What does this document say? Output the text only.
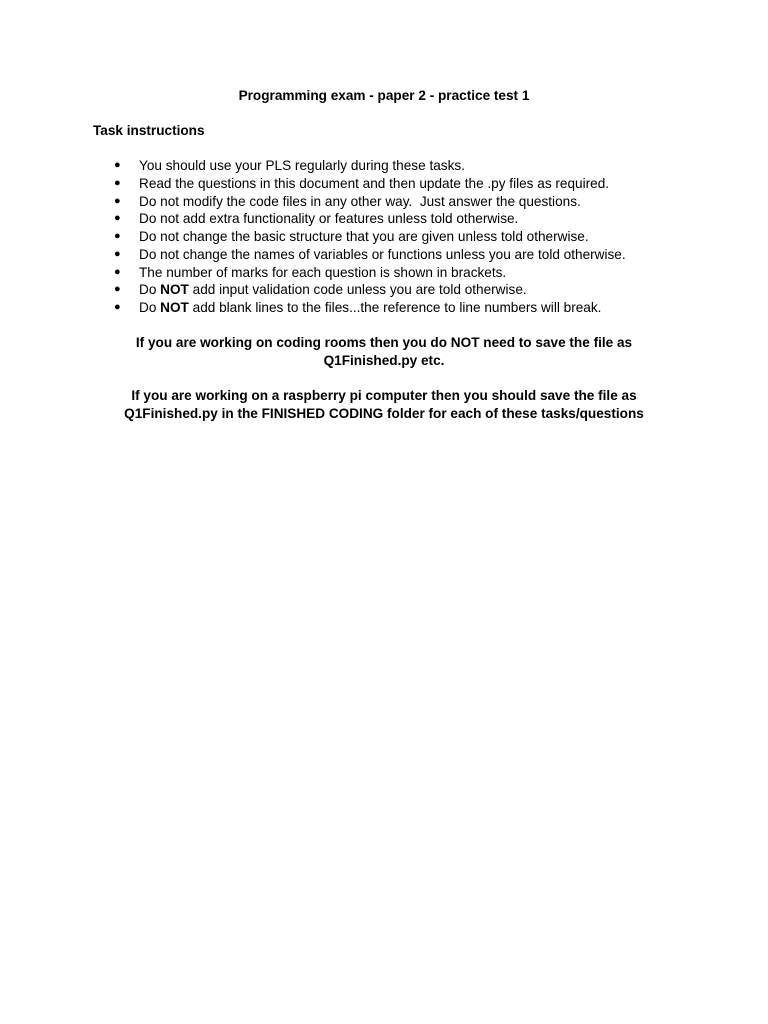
Programming exam - paper 2 - practice test 1
Task instructions
● You should use your PLS regularly during these tasks.
● Read the questions in this document and then update the .py files as required.
● Do not modify the code files in any other way.  Just answer the questions.
● Do not add extra functionality or features unless told otherwise.
● Do not change the basic structure that you are given unless told otherwise.
● Do not change the names of variables or functions unless you are told otherwise.
● The number of marks for each question is shown in brackets.
● Do NOT add input validation code unless you are told otherwise.
● Do NOT add blank lines to the files...the reference to line numbers will break.
If you are working on coding rooms then you do NOT need to save the file as
Q1Finished.py etc.
If you are working on a raspberry pi computer then you should save the file as
Q1Finished.py in the FINISHED CODING folder for each of these tasks/questions
